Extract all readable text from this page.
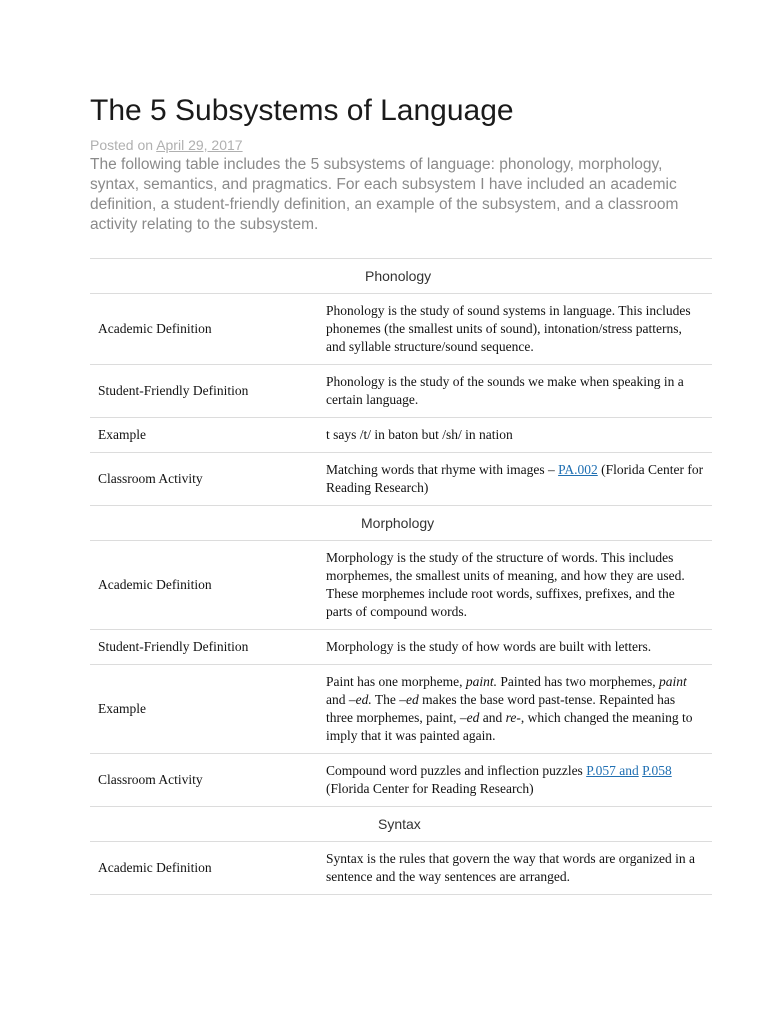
The 5 Subsystems of Language
Posted on April 29, 2017

The following table includes the 5 subsystems of language: phonology, morphology, syntax, semantics, and pragmatics. For each subsystem I have included an academic definition, a student-friendly definition, an example of the subsystem, and a classroom activity relating to the subsystem.

Phonology	
Academic Definition	Phonology is the study of sound systems in language. This includes phonemes (the smallest units of sound), intonation/stress patterns, and syllable structure/sound sequence.
Student-Friendly Definition	Phonology is the study of the sounds we make when speaking in a certain language.
Example	t says /t/ in baton but /sh/ in nation
Classroom Activity	Matching words that rhyme with images – PA.002 (Florida Center for Reading Research)
Morphology	
Academic Definition	Morphology is the study of the structure of words. This includes morphemes, the smallest units of meaning, and how they are used. These morphemes include root words, suffixes, prefixes, and the parts of compound words.
Student-Friendly Definition	Morphology is the study of how words are built with letters.
Example	Paint has one morpheme, paint. Painted has two morphemes, paint and –ed. The –ed makes the base word past-tense. Repainted has three morphemes, paint, –ed and re-, which changed the meaning to imply that it was painted again.
Classroom Activity	Compound word puzzles and inflection puzzles P.057 and P.058 (Florida Center for Reading Research)
Syntax	
Academic Definition	Syntax is the rules that govern the way that words are organized in a sentence and the way sentences are arranged.
